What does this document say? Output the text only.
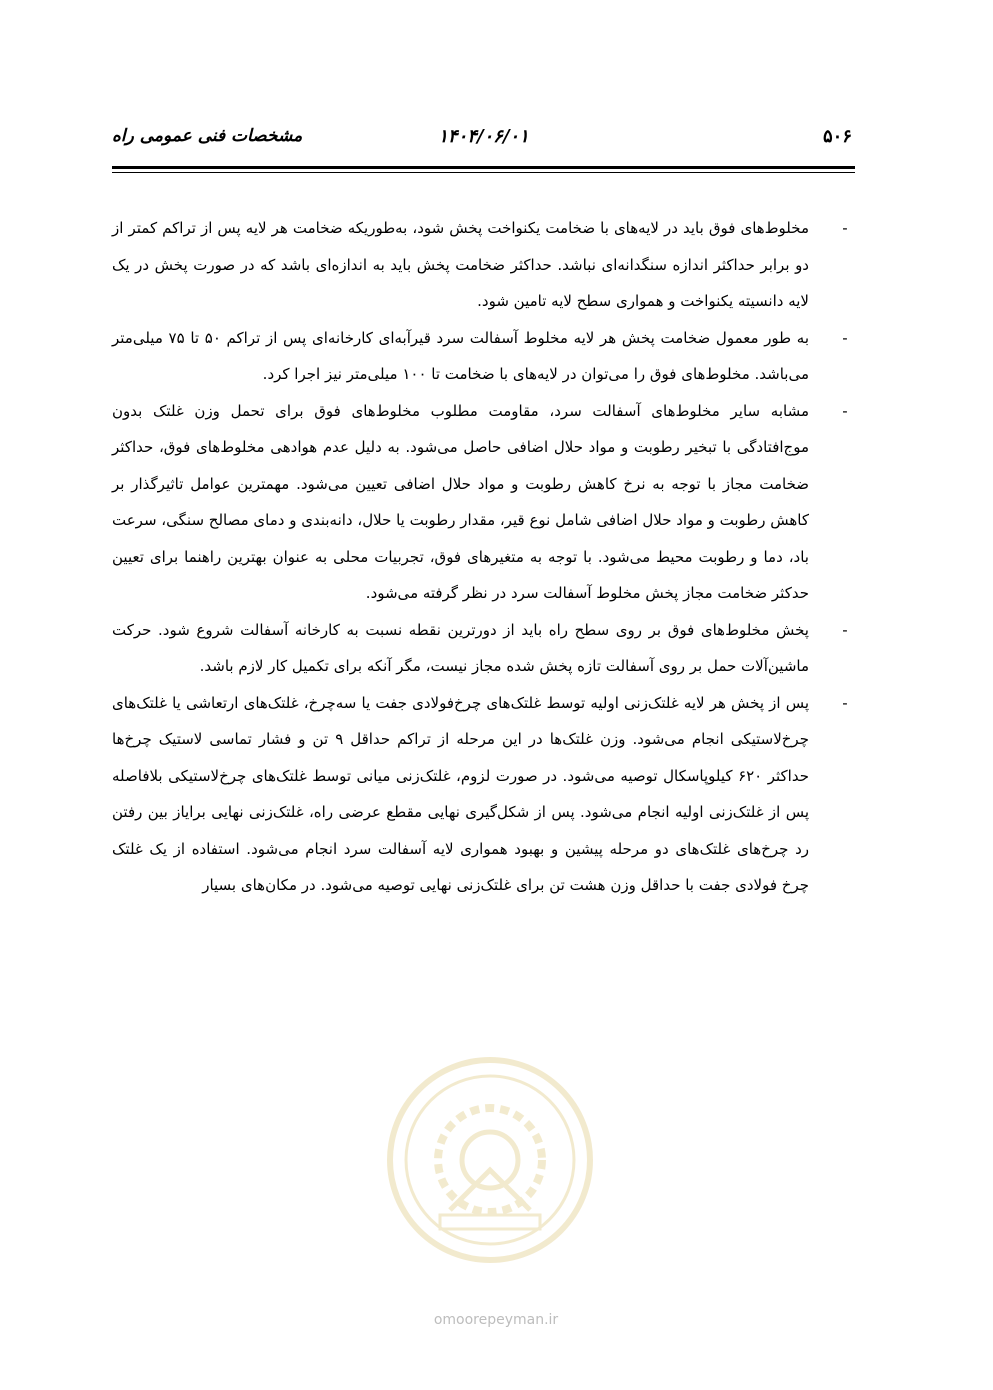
۵۰۶
۱۴۰۴/۰۶/۰۱
مشخصات فنی عمومی راه
-
مخلوط‌های فوق باید در لایه‌های با ضخامت یکنواخت پخش شود، به‌طوریکه ضخامت هر لایه پس از تراکم کمتر از دو برابر حداکثر اندازه سنگدانه‌ای نباشد. حداکثر ضخامت پخش باید به اندازه‌ای باشد که در صورت پخش در یک لایه دانسیته یکنواخت و همواری سطح لایه تامین شود.
-
به طور معمول ضخامت پخش هر لایه مخلوط آسفالت سرد قیرآبه‌ای کارخانه‌ای پس از تراکم ۵۰ تا ۷۵ میلی‌متر می‌باشد. مخلوط‌های فوق را می‌توان در لایه‌های با ضخامت تا ۱۰۰ میلی‌متر نیز اجرا کرد.
-
مشابه سایر مخلوط‌های آسفالت سرد، مقاومت مطلوب مخلوط‌های فوق برای تحمل وزن غلتک بدون موج‌افتادگی با تبخیر رطوبت و مواد حلال اضافی حاصل می‌شود. به دلیل عدم هوادهی مخلوط‌های فوق، حداکثر ضخامت مجاز با توجه به نرخ کاهش رطوبت و مواد حلال اضافی تعیین می‌شود. مهمترین عوامل تاثیرگذار بر کاهش رطوبت و مواد حلال اضافی شامل نوع قیر، مقدار رطوبت یا حلال، دانه‌بندی و دمای مصالح سنگی، سرعت باد، دما و رطوبت محیط می‌شود. با توجه به متغیرهای فوق، تجربیات محلی به عنوان بهترین راهنما برای تعیین حدکثر ضخامت مجاز پخش مخلوط آسفالت سرد در نظر گرفته می‌شود.
-
پخش مخلوط‌های فوق بر روی سطح راه باید از دورترین نقطه نسبت به کارخانه آسفالت شروع شود. حرکت ماشین‌آلات حمل بر روی آسفالت تازه پخش شده مجاز نیست، مگر آنکه برای تکمیل کار لازم باشد.
-
پس از پخش هر لایه غلتک‌زنی اولیه توسط غلتک‌های چرخ‌فولادی جفت یا سه‌چرخ، غلتک‌های ارتعاشی یا غلتک‌های چرخ‌لاستیکی انجام می‌شود. وزن غلتک‌ها در این مرحله از تراکم حداقل ۹ تن و فشار تماسی لاستیک چرخ‌ها حداکثر ۶۲۰ کیلوپاسکال توصیه می‌شود. در صورت لزوم، غلتک‌زنی میانی توسط غلتک‌های چرخ‌لاستیکی بلافاصله پس از غلتک‌زنی اولیه انجام می‌شود. پس از شکل‌گیری نهایی مقطع عرضی راه، غلتک‌زنی نهایی برایاز بین رفتن رد چرخ‌های غلتک‌های دو مرحله پیشین و بهبود همواری لایه آسفالت سرد انجام می‌شود. استفاده از یک غلتک چرخ فولادی جفت با حداقل وزن هشت تن برای غلتک‌زنی نهایی توصیه می‌شود. در مکان‌های بسیار
omoorepeyman.ir
